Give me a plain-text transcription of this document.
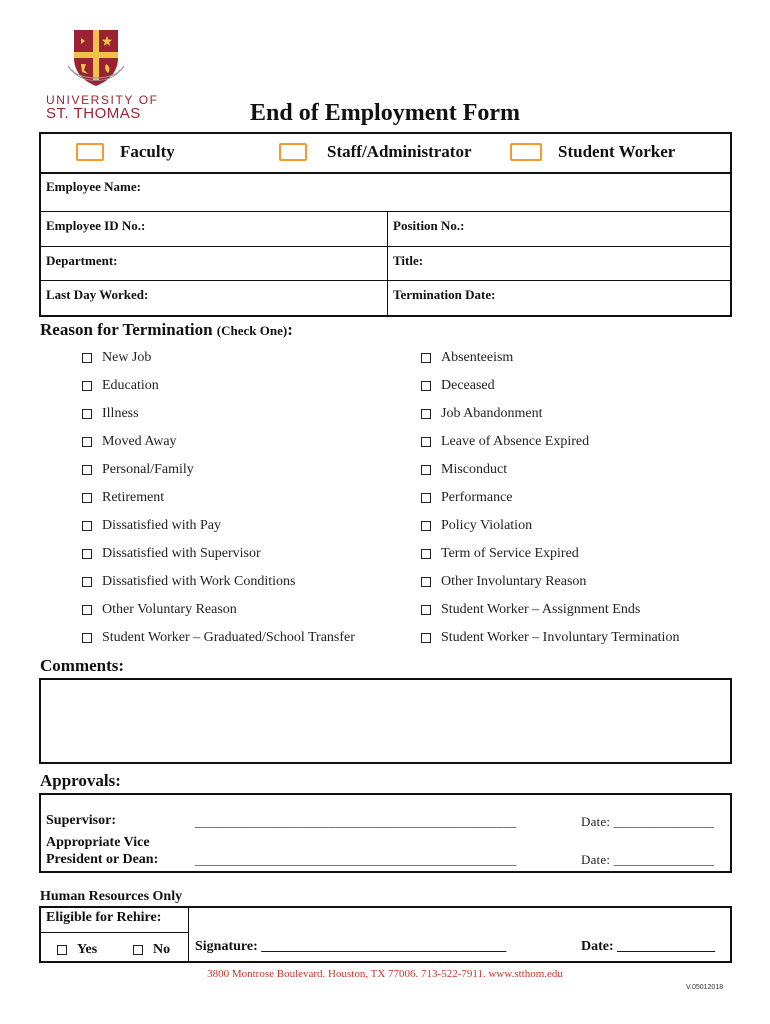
UNIVERSITY OF
ST. THOMAS	End of Employment Form
Faculty	Staff/Administrator	Student Worker
Employee Name:
Employee ID No.:	Position No.:
Department:	Title:
Last Day Worked:	Termination Date:
Reason for Termination (Check One):
New Job
Education
Illness
Moved Away
Personal/Family
Retirement
Dissatisfied with Pay
Dissatisfied with Supervisor
Dissatisfied with Work Conditions
Other Voluntary Reason
Student Worker – Graduated/School Transfer
Absenteeism
Deceased
Job Abandonment
Leave of Absence Expired
Misconduct
Performance
Policy Violation
Term of Service Expired
Other Involuntary Reason
Student Worker – Assignment Ends
Student Worker – Involuntary Termination
Comments:
Approvals:
Supervisor:	________________________________________________	Date: _______________
Appropriate Vice
President or Dean:	________________________________________________	Date: _______________
Human Resources Only
Eligible for Rehire:
Yes	No Signature: ___________________________________	Date: ______________
3800 Montrose Boulevard. Houston, TX 77006. 713-522-7911. www.stthom.edu
V.05012018
